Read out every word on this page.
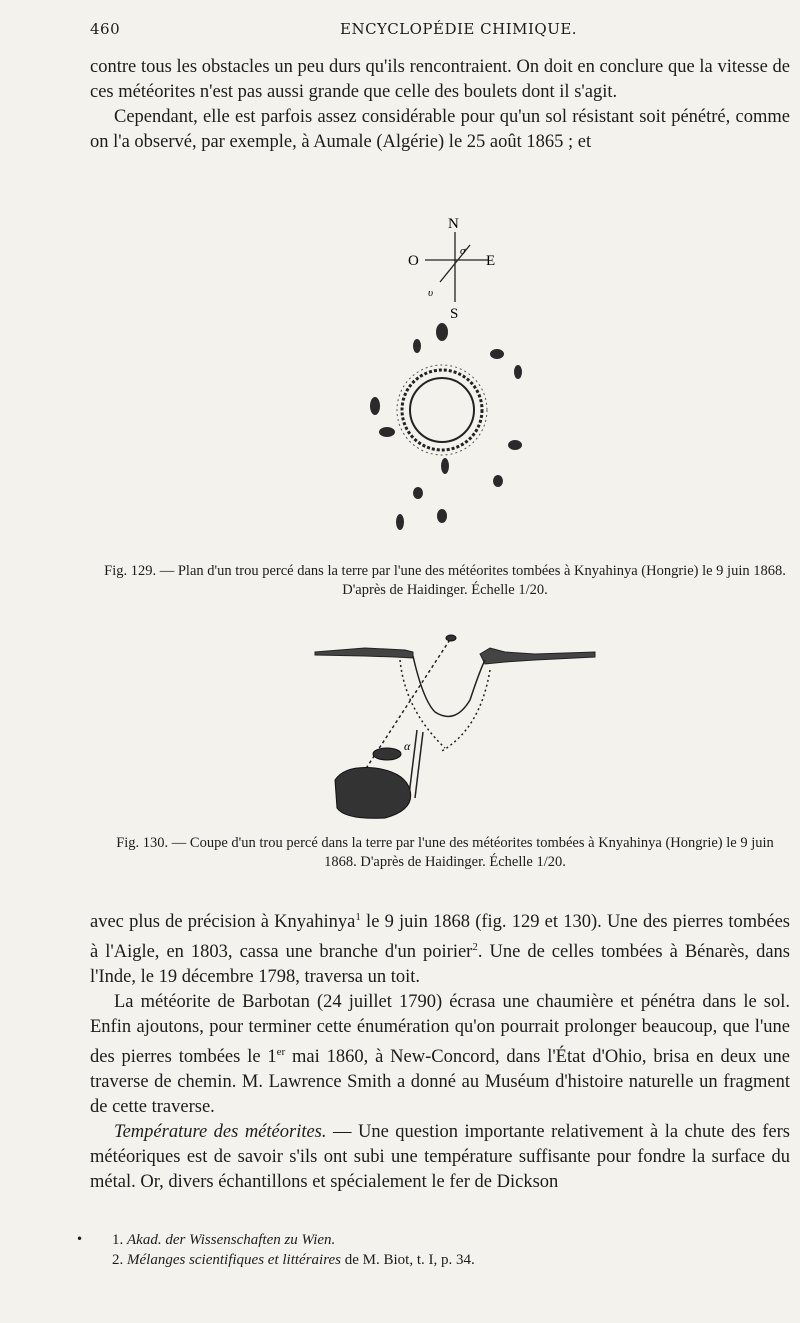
460	ENCYCLOPÉDIE CHIMIQUE.

contre tous les obstacles un peu durs qu'ils rencontraient. On doit en conclure que la vitesse de ces météorites n'est pas aussi grande que celle des boulets dont il s'agit.

Cependant, elle est parfois assez considérable pour qu'un sol résistant soit pénétré, comme on l'a observé, par exemple, à Aumale (Algérie) le 25 août 1865 ; et

N
S
E
O
σ
υ
Fig. 129. — Plan d'un trou percé dans la terre par l'une des météorites tombées à Knyahinya (Hongrie) le 9 juin 1868. D'après de Haidinger. Échelle 1/20.
α
Fig. 130. — Coupe d'un trou percé dans la terre par l'une des météorites tombées à Knyahinya (Hongrie) le 9 juin 1868. D'après de Haidinger. Échelle 1/20.

avec plus de précision à Knyahinya$^1$ le 9 juin 1868 (fig. 129 et 130). Une des pierres tombées à l'Aigle, en 1803, cassa une branche d'un poirier$^2$. Une de celles tombées à Bénarès, dans l'Inde, le 19 décembre 1798, traversa un toit.

La météorite de Barbotan (24 juillet 1790) écrasa une chaumière et pénétra dans le sol. Enfin ajoutons, pour terminer cette énumération qu'on pourrait prolonger beaucoup, que l'une des pierres tombées le 1er mai 1860, à New-Concord, dans l'État d'Ohio, brisa en deux une traverse de chemin. M. Lawrence Smith a donné au Muséum d'histoire naturelle un fragment de cette traverse.

Température des météorites. — Une question importante relativement à la chute des fers météoriques est de savoir s'ils ont subi une température suffisante pour fondre la surface du métal. Or, divers échantillons et spécialement le fer de Dickson

• 1. Akad. der Wissenschaften zu Wien.
2. Mélanges scientifiques et littéraires de M. Biot, t. I, p. 34.
